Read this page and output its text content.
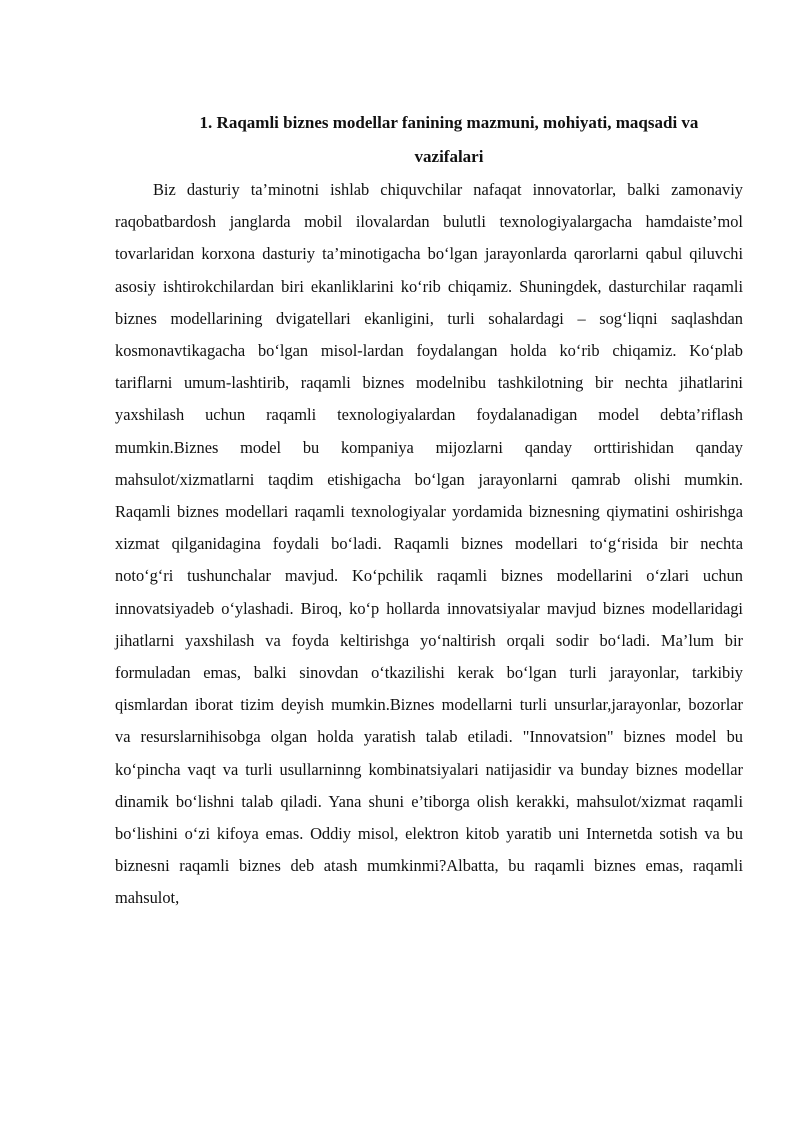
1. Raqamli biznes modellar fanining mazmuni, mohiyati, maqsadi va
vazifalari

Biz dasturiy ta’minotni ishlab chiquvchilar nafaqat innovatorlar, balki zamonaviy raqobatbardosh janglarda mobil ilovalardan bulutli texnologiyalargacha hamdaiste’mol tovarlaridan korxona dasturiy ta’minotigacha bo‘lgan jarayonlarda qarorlarni qabul qiluvchi asosiy ishtirokchilardan biri ekanliklarini ko‘rib chiqamiz. Shuningdek, dasturchilar raqamli biznes modellarining dvigatellari ekanligini, turli sohalardagi – sog‘liqni saqlashdan kosmonavtikagacha bo‘lgan misol-lardan foydalangan holda ko‘rib chiqamiz. Ko‘plab tariflarni umum-lashtirib, raqamli biznes modelnibu tashkilotning bir nechta jihatlarini yaxshilash uchun raqamli texnologiyalardan foydalanadigan model debta’riflash mumkin.Biznes model bu kompaniya mijozlarni qanday orttirishidan qanday mahsulot/xizmatlarni taqdim etishigacha bo‘lgan jarayonlarni qamrab olishi mumkin. Raqamli biznes modellari raqamli texnologiyalar yordamida biznesning qiymatini oshirishga xizmat qilganidagina foydali bo‘ladi. Raqamli biznes modellari to‘g‘risida bir nechta noto‘g‘ri tushunchalar mavjud. Ko‘pchilik raqamli biznes modellarini o‘zlari uchun innovatsiyadeb o‘ylashadi. Biroq, ko‘p hollarda innovatsiyalar mavjud biznes modellaridagi jihatlarni yaxshilash va foyda keltirishga yo‘naltirish orqali sodir bo‘ladi. Ma’lum bir formuladan emas, balki sinovdan o‘tkazilishi kerak bo‘lgan turli jarayonlar, tarkibiy qismlardan iborat tizim deyish mumkin.Biznes modellarni turli unsurlar,jarayonlar, bozorlar va resurslarnihisobga olgan holda yaratish talab etiladi. "Innovatsion" biznes model bu ko‘pincha vaqt va turli usullarninng kombinatsiyalari natijasidir va bunday biznes modellar dinamik bo‘lishni talab qiladi. Yana shuni e’tiborga olish kerakki, mahsulot/xizmat raqamli bo‘lishini o‘zi kifoya emas. Oddiy misol, elektron kitob yaratib uni Internetda sotish va bu biznesni raqamli biznes deb atash mumkinmi?Albatta, bu raqamli biznes emas, raqamli mahsulot,
